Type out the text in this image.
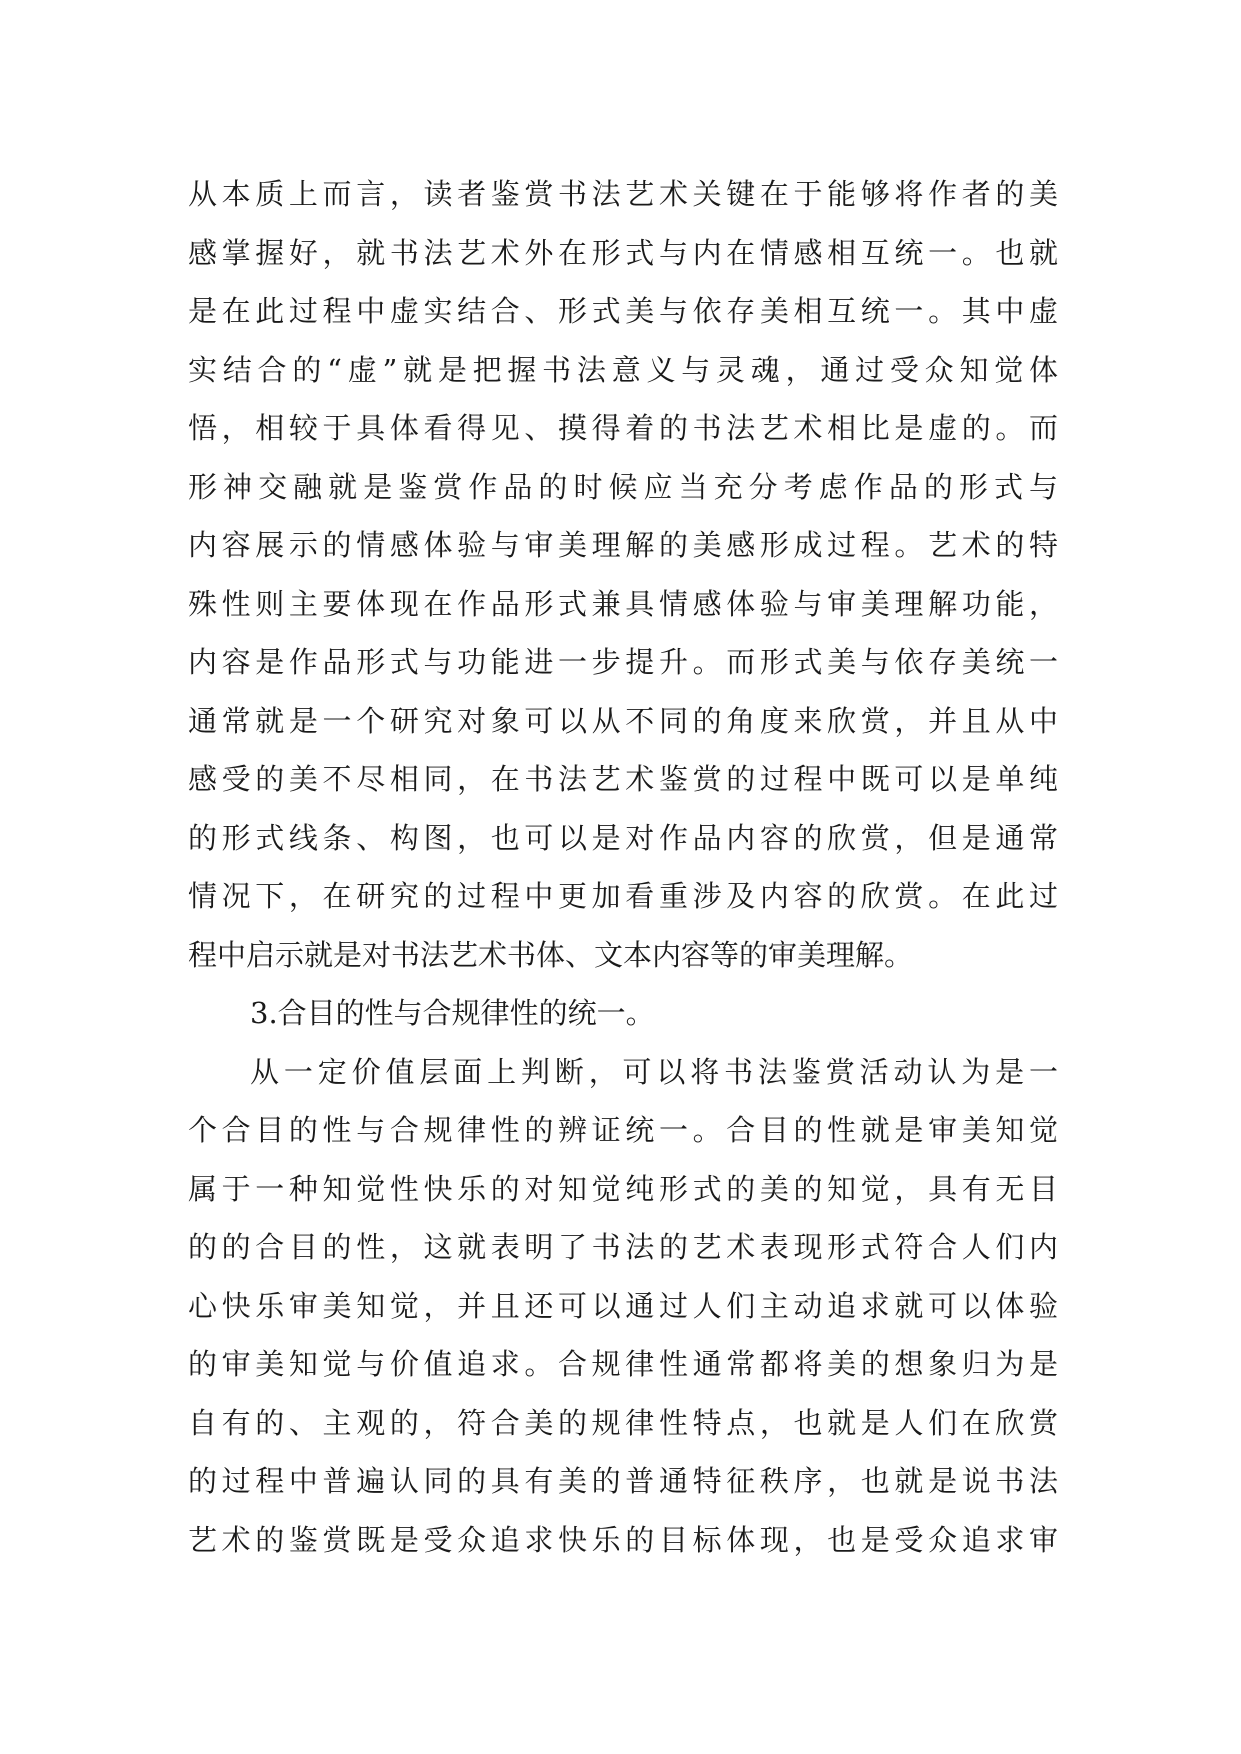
从本质上而言，读者鉴赏书法艺术关键在于能够将作者的美
感掌握好，就书法艺术外在形式与内在情感相互统一。也就
是在此过程中虚实结合、形式美与依存美相互统一。其中虚
实结合的“虚”就是把握书法意义与灵魂，通过受众知觉体
悟，相较于具体看得见、摸得着的书法艺术相比是虚的。而
形神交融就是鉴赏作品的时候应当充分考虑作品的形式与
内容展示的情感体验与审美理解的美感形成过程。艺术的特
殊性则主要体现在作品形式兼具情感体验与审美理解功能，
内容是作品形式与功能进一步提升。而形式美与依存美统一
通常就是一个研究对象可以从不同的角度来欣赏，并且从中
感受的美不尽相同，在书法艺术鉴赏的过程中既可以是单纯
的形式线条、构图，也可以是对作品内容的欣赏，但是通常
情况下，在研究的过程中更加看重涉及内容的欣赏。在此过
程中启示就是对书法艺术书体、文本内容等的审美理解。
3.合目的性与合规律性的统一。
从一定价值层面上判断，可以将书法鉴赏活动认为是一
个合目的性与合规律性的辨证统一。合目的性就是审美知觉
属于一种知觉性快乐的对知觉纯形式的美的知觉，具有无目
的的合目的性，这就表明了书法的艺术表现形式符合人们内
心快乐审美知觉，并且还可以通过人们主动追求就可以体验
的审美知觉与价值追求。合规律性通常都将美的想象归为是
自有的、主观的，符合美的规律性特点，也就是人们在欣赏
的过程中普遍认同的具有美的普通特征秩序，也就是说书法
艺术的鉴赏既是受众追求快乐的目标体现，也是受众追求审
